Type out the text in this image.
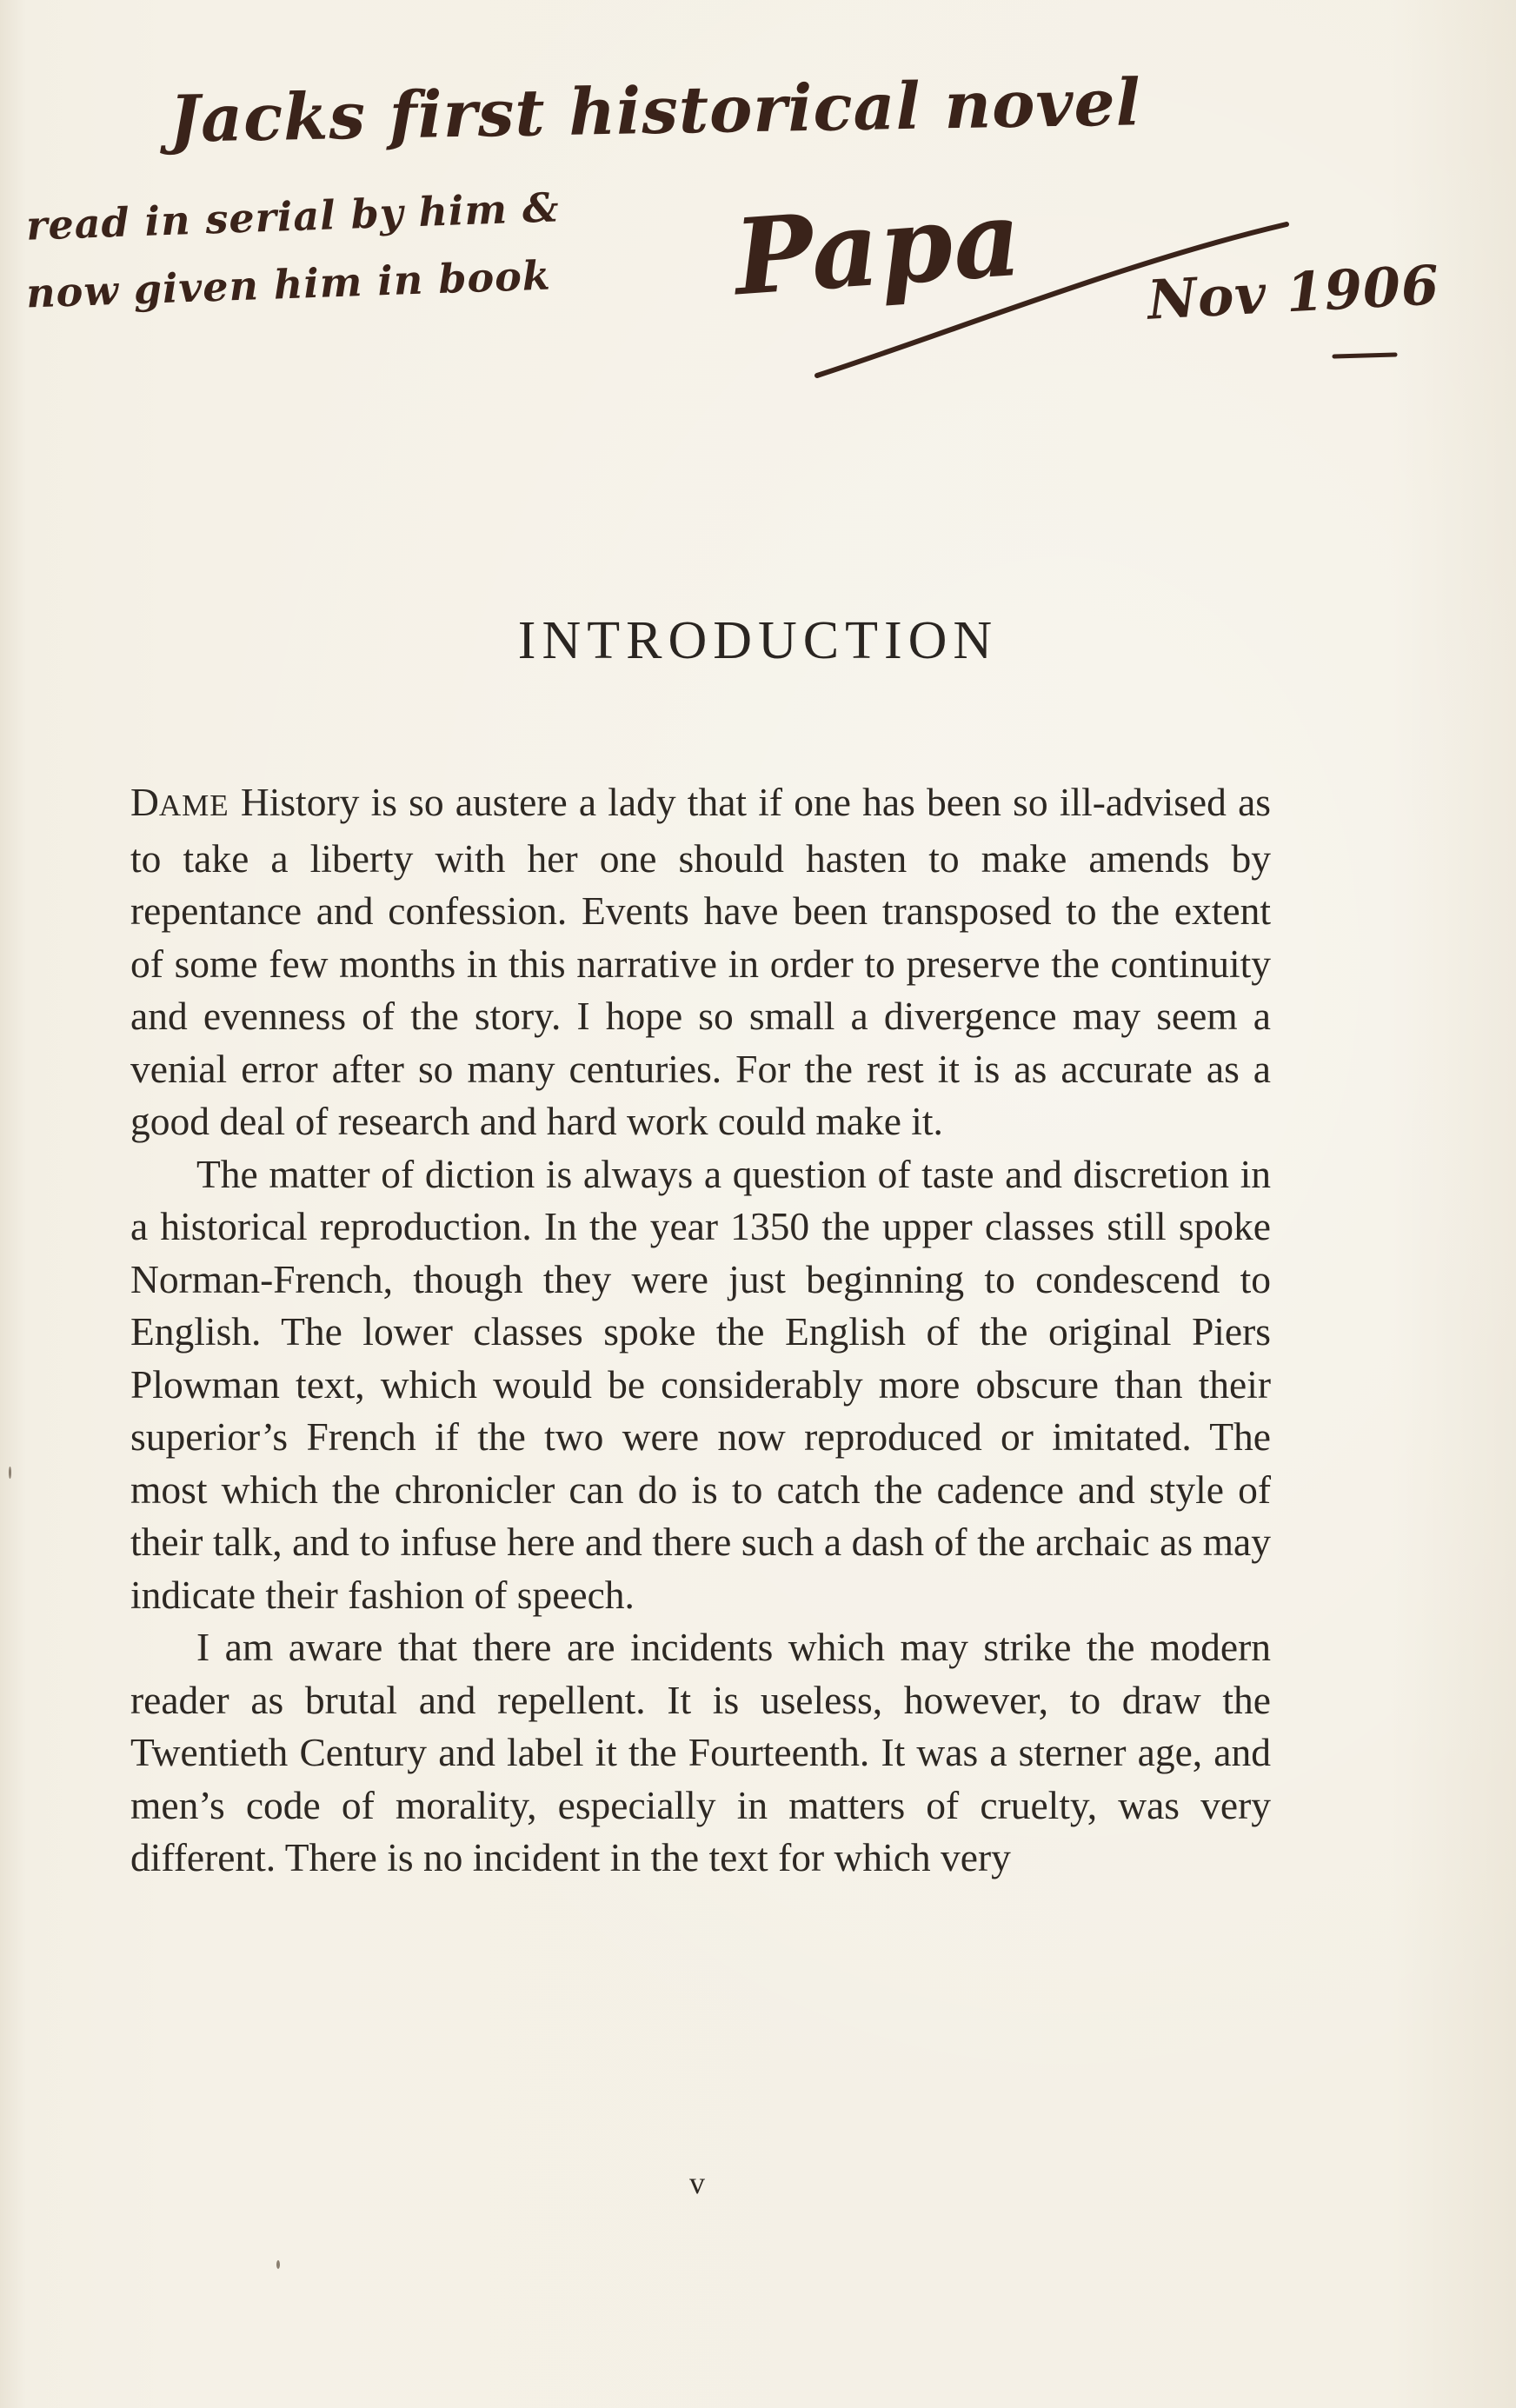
Jacks first historical novel
read in serial by him &
now given him in book Papa Nov 1906
INTRODUCTION

DAME History is so austere a lady that if one has been so ill-advised as to take a liberty with her one should hasten to make amends by repentance and confession. Events have been transposed to the extent of some few months in this narrative in order to preserve the continuity and evenness of the story. I hope so small a divergence may seem a venial error after so many centuries. For the rest it is as accurate as a good deal of research and hard work could make it.

The matter of diction is always a question of taste and discretion in a historical reproduction. In the year 1350 the upper classes still spoke Norman-French, though they were just beginning to condescend to English. The lower classes spoke the English of the original Piers Plowman text, which would be considerably more obscure than their superior’s French if the two were now reproduced or imitated. The most which the chronicler can do is to catch the cadence and style of their talk, and to infuse here and there such a dash of the archaic as may indicate their fashion of speech.

I am aware that there are incidents which may strike the modern reader as brutal and repellent. It is useless, however, to draw the Twentieth Century and label it the Fourteenth. It was a sterner age, and men’s code of morality, especially in matters of cruelty, was very different. There is no incident in the text for which very

v
